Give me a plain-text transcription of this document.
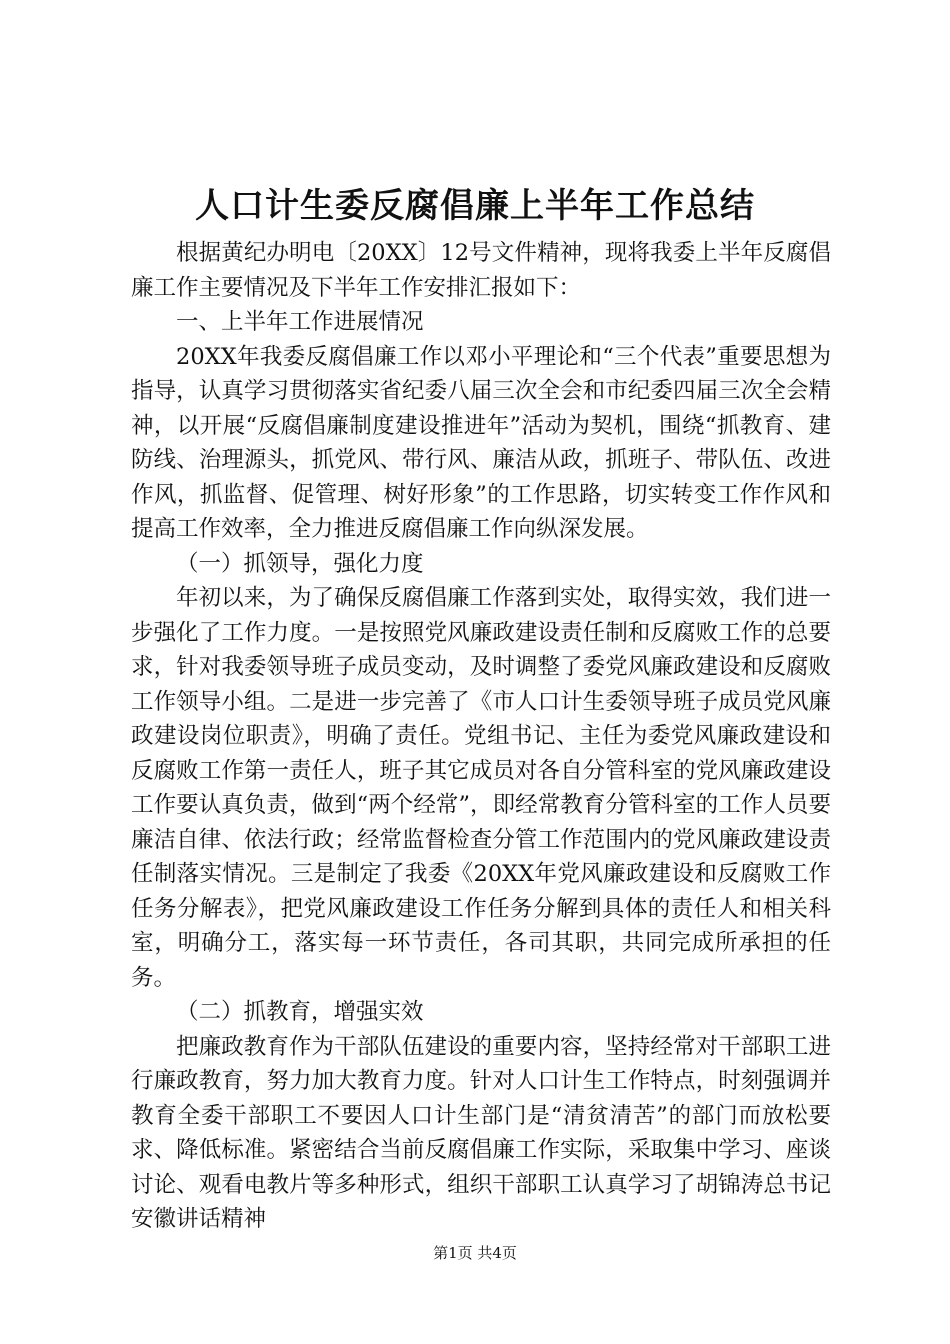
人口计生委反腐倡廉上半年工作总结

根据黄纪办明电〔20XX〕12号文件精神，现将我委上半年反腐倡廉工作主要情况及下半年工作安排汇报如下：

一、上半年工作进展情况

20XX年我委反腐倡廉工作以邓小平理论和“三个代表”重要思想为指导，认真学习贯彻落实省纪委八届三次全会和市纪委四届三次全会精神，以开展“反腐倡廉制度建设推进年”活动为契机，围绕“抓教育、建防线、治理源头，抓党风、带行风、廉洁从政，抓班子、带队伍、改进作风，抓监督、促管理、树好形象”的工作思路，切实转变工作作风和提高工作效率，全力推进反腐倡廉工作向纵深发展。

（一）抓领导，强化力度

年初以来，为了确保反腐倡廉工作落到实处，取得实效，我们进一步强化了工作力度。一是按照党风廉政建设责任制和反腐败工作的总要求，针对我委领导班子成员变动，及时调整了委党风廉政建设和反腐败工作领导小组。二是进一步完善了《市人口计生委领导班子成员党风廉政建设岗位职责》，明确了责任。党组书记、主任为委党风廉政建设和反腐败工作第一责任人，班子其它成员对各自分管科室的党风廉政建设工作要认真负责，做到“两个经常”，即经常教育分管科室的工作人员要廉洁自律、依法行政；经常监督检查分管工作范围内的党风廉政建设责任制落实情况。三是制定了我委《20XX年党风廉政建设和反腐败工作任务分解表》，把党风廉政建设工作任务分解到具体的责任人和相关科室，明确分工，落实每一环节责任，各司其职，共同完成所承担的任务。

（二）抓教育，增强实效

把廉政教育作为干部队伍建设的重要内容，坚持经常对干部职工进行廉政教育，努力加大教育力度。针对人口计生工作特点，时刻强调并教育全委干部职工不要因人口计生部门是“清贫清苦”的部门而放松要求、降低标准。紧密结合当前反腐倡廉工作实际，采取集中学习、座谈讨论、观看电教片等多种形式，组织干部职工认真学习了胡锦涛总书记安徽讲话精神

第1页 共4页
